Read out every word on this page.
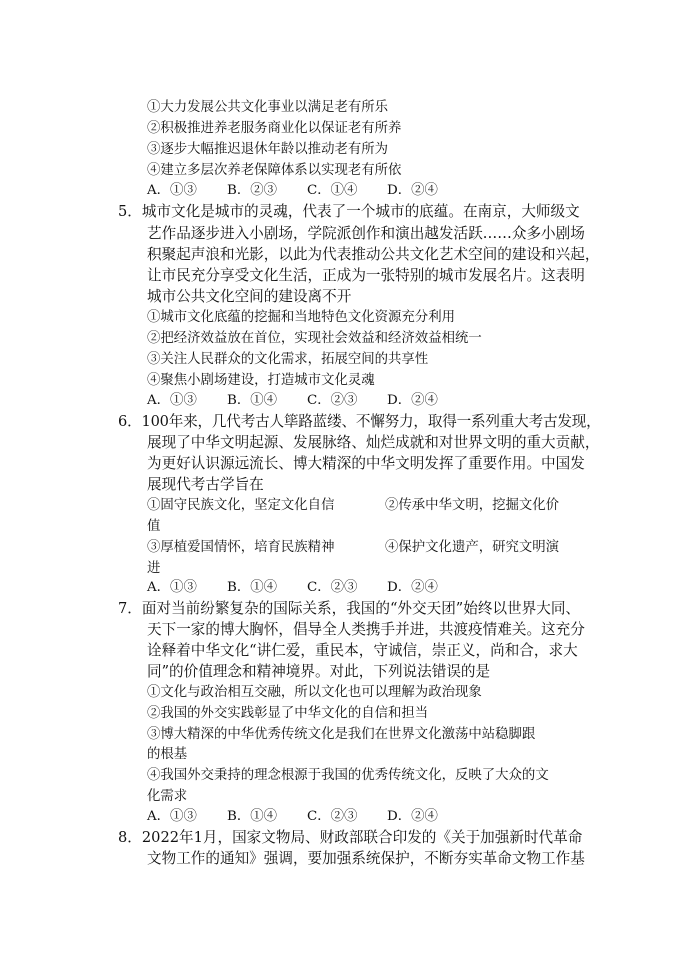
①大力发展公共文化事业以满足老有所乐
②积极推进养老服务商业化以保证老有所养
③逐步大幅推迟退休年龄以推动老有所为
④建立多层次养老保障体系以实现老有所依
A．①③ B．②③ C．①④ D．②④
5．城市文化是城市的灵魂，代表了一个城市的底蕴。在南京，大师级文
艺作品逐步进入小剧场，学院派创作和演出越发活跃……众多小剧场
积聚起声浪和光影，以此为代表推动公共文化艺术空间的建设和兴起，
让市民充分享受文化生活，正成为一张特别的城市发展名片。这表明
城市公共文化空间的建设离不开
①城市文化底蕴的挖掘和当地特色文化资源充分利用
②把经济效益放在首位，实现社会效益和经济效益相统一
③关注人民群众的文化需求，拓展空间的共享性
④聚焦小剧场建设，打造城市文化灵魂
A．①③ B．①④ C．②③ D．②④
6．100年来，几代考古人筚路蓝缕、不懈努力，取得一系列重大考古发现，
展现了中华文明起源、发展脉络、灿烂成就和对世界文明的重大贡献，
为更好认识源远流长、博大精深的中华文明发挥了重要作用。中国发
展现代考古学旨在
①固守民族文化，坚定文化自信	②传承中华文明，挖掘文化价
值
③厚植爱国情怀，培育民族精神	④保护文化遗产，研究文明演
进
A．①③ B．①④ C．②③ D．②④
7．面对当前纷繁复杂的国际关系，我国的“外交天团”始终以世界大同、
天下一家的博大胸怀，倡导全人类携手并进，共渡疫情难关。这充分
诠释着中华文化“讲仁爱，重民本，守诚信，崇正义，尚和合，求大
同”的价值理念和精神境界。对此，下列说法错误的是
①文化与政治相互交融，所以文化也可以理解为政治现象
②我国的外交实践彰显了中华文化的自信和担当
③博大精深的中华优秀传统文化是我们在世界文化激荡中站稳脚跟
的根基
④我国外交秉持的理念根源于我国的优秀传统文化，反映了大众的文
化需求
A．①③ B．①④ C．②③ D．②④
8．2022年1月，国家文物局、财政部联合印发的《关于加强新时代革命
文物工作的通知》强调，要加强系统保护，不断夯实革命文物工作基
